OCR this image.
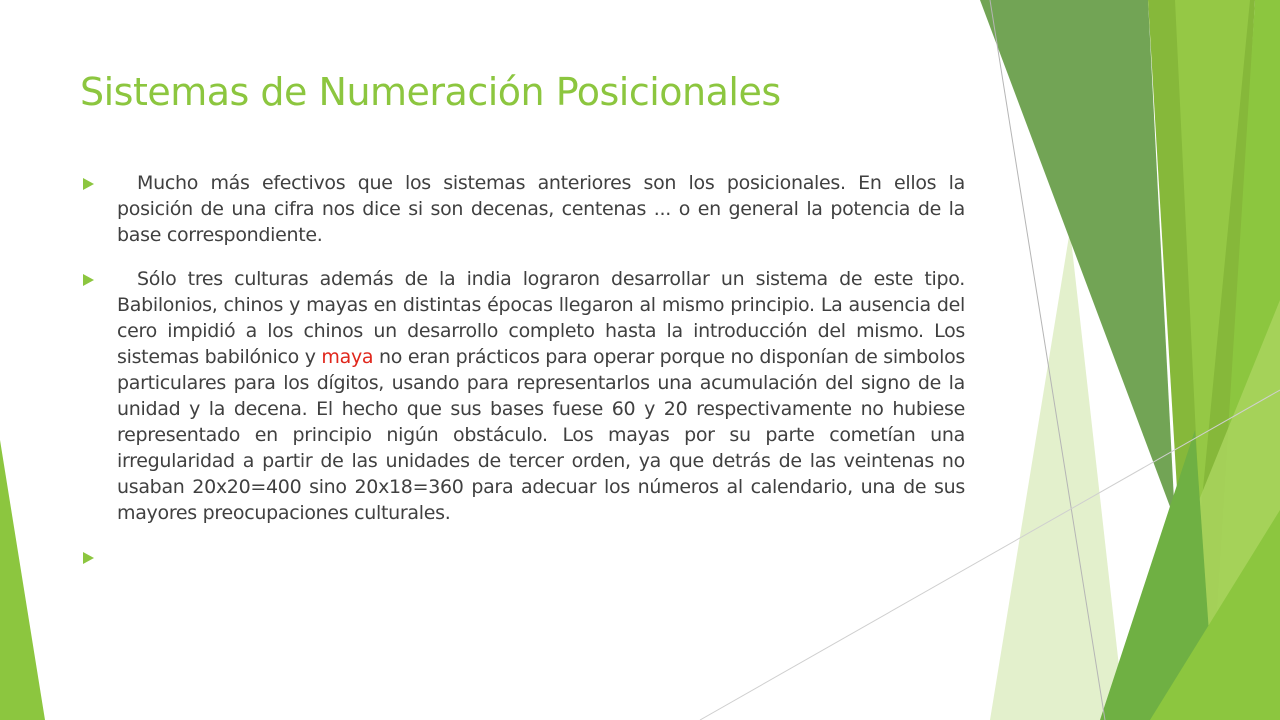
Sistemas de Numeración Posicionales
Mucho más efectivos que los sistemas anteriores son los posicionales. En ellos la posición de una cifra nos dice si son decenas, centenas ... o en general la potencia de la base correspondiente.
Sólo tres culturas además de la india lograron desarrollar un sistema de este tipo. Babilonios, chinos y mayas en distintas épocas llegaron al mismo principio. La ausencia del cero impidió a los chinos un desarrollo completo hasta la introducción del mismo. Los sistemas babilónico y maya no eran prácticos para operar porque no disponían de simbolos particulares para los dígitos, usando para representarlos una acumulación del signo de la unidad y la decena. El hecho que sus bases fuese 60 y 20 respectivamente no hubiese representado en principio nigún obstáculo. Los mayas por su parte cometían una irregularidad a partir de las unidades de tercer orden, ya que detrás de las veintenas no usaban 20x20=400 sino 20x18=360 para adecuar los números al calendario, una de sus mayores preocupaciones culturales.
